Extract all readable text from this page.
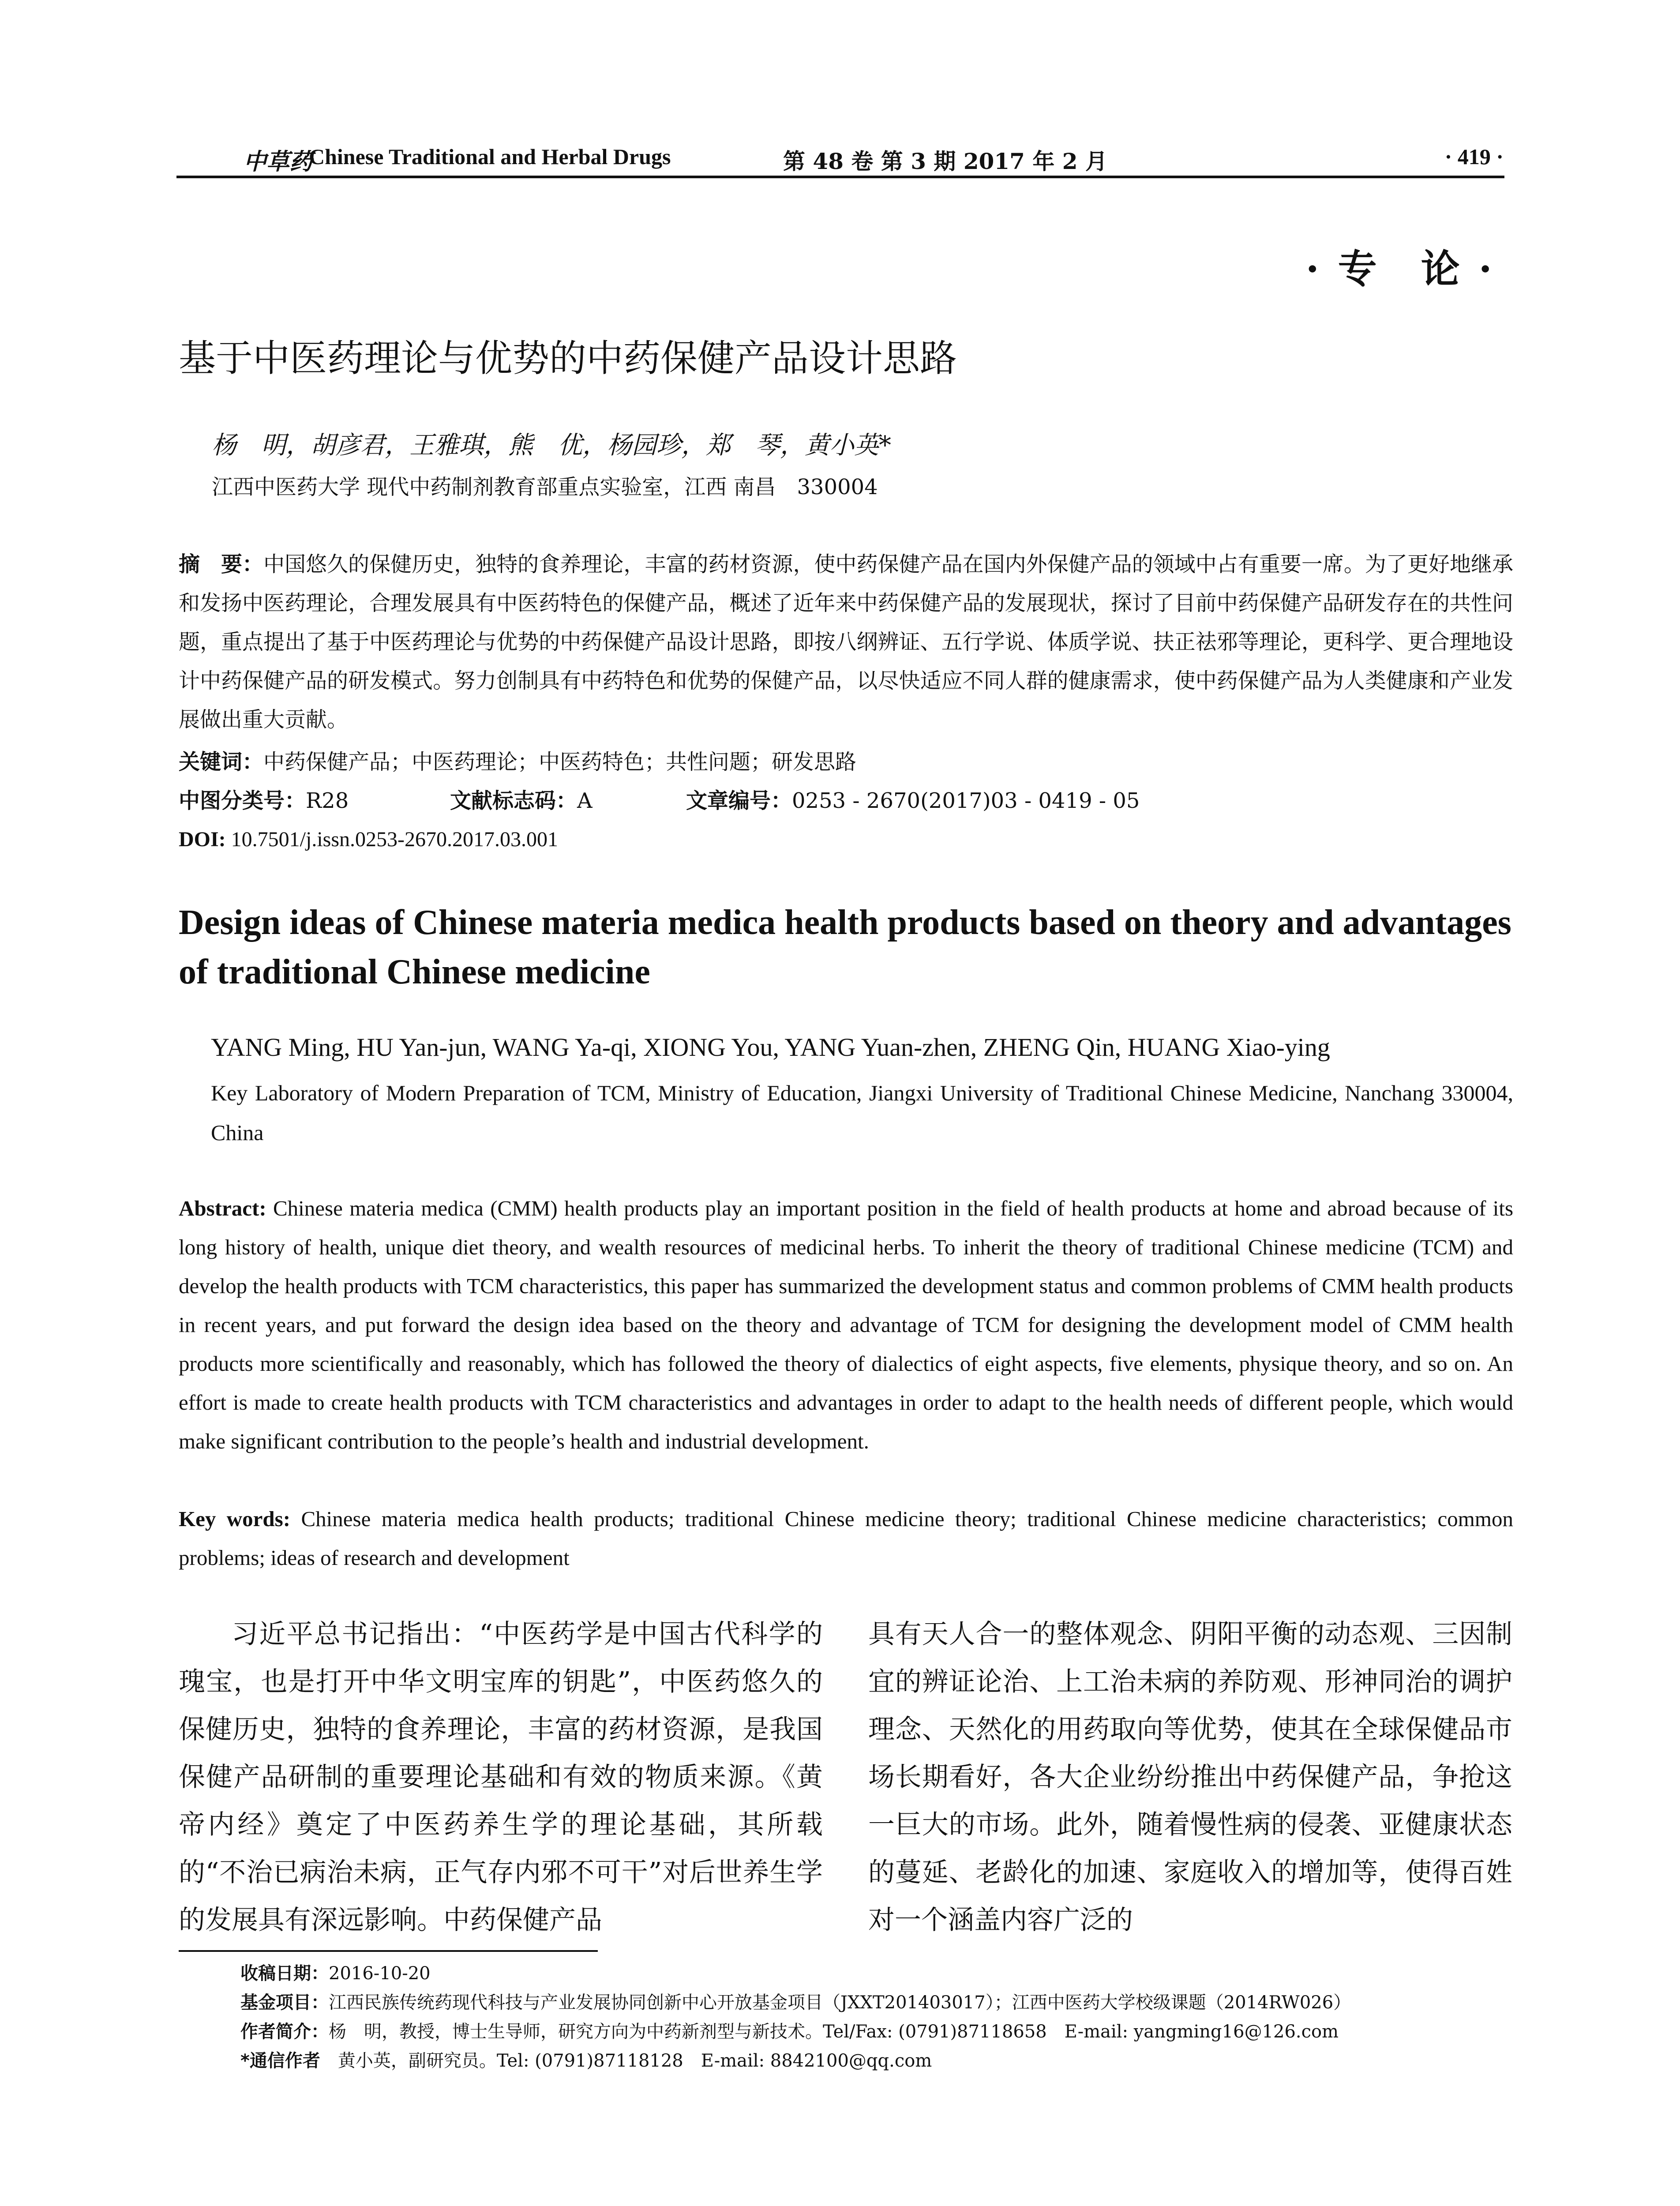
中草药
Chinese Traditional and Herbal Drugs	第 48 卷 第 3 期 2017 年 2 月	· 419 ·
· 专　论 ·
基于中医药理论与优势的中药保健产品设计思路
杨　明，胡彦君，王雅琪，熊　优，杨园珍，郑　琴，黄小英*
江西中医药大学 现代中药制剂教育部重点实验室，江西 南昌　330004
摘　要：中国悠久的保健历史，独特的食养理论，丰富的药材资源，使中药保健产品在国内外保健产品的领域中占有重要一席。为了更好地继承和发扬中医药理论，合理发展具有中医药特色的保健产品，概述了近年来中药保健产品的发展现状，探讨了目前中药保健产品研发存在的共性问题，重点提出了基于中医药理论与优势的中药保健产品设计思路，即按八纲辨证、五行学说、体质学说、扶正祛邪等理论，更科学、更合理地设计中药保健产品的研发模式。努力创制具有中药特色和优势的保健产品，以尽快适应不同人群的健康需求，使中药保健产品为人类健康和产业发展做出重大贡献。
关键词：中药保健产品；中医药理论；中医药特色；共性问题；研发思路
中图分类号：R28	文献标志码：A	文章编号：0253 - 2670(2017)03 - 0419 - 05
DOI: 10.7501/j.issn.0253-2670.2017.03.001
Design ideas of Chinese materia medica health products based on theory and advantages of traditional Chinese medicine
YANG Ming, HU Yan-jun, WANG Ya-qi, XIONG You, YANG Yuan-zhen, ZHENG Qin, HUANG Xiao-ying
Key Laboratory of Modern Preparation of TCM, Ministry of Education, Jiangxi University of Traditional Chinese Medicine, Nanchang 330004, China
Abstract: Chinese materia medica (CMM) health products play an important position in the field of health products at home and abroad because of its long history of health, unique diet theory, and wealth resources of medicinal herbs. To inherit the theory of traditional Chinese medicine (TCM) and develop the health products with TCM characteristics, this paper has summarized the development status and common problems of CMM health products in recent years, and put forward the design idea based on the theory and advantage of TCM for designing the development model of CMM health products more scientifically and reasonably, which has followed the theory of dialectics of eight aspects, five elements, physique theory, and so on. An effort is made to create health products with TCM characteristics and advantages in order to adapt to the health needs of different people, which would make significant contribution to the people’s health and industrial development.
Key words: Chinese materia medica health products; traditional Chinese medicine theory; traditional Chinese medicine characteristics; common problems; ideas of research and development
习近平总书记指出：“中医药学是中国古代科学的瑰宝，也是打开中华文明宝库的钥匙”，中医药悠久的保健历史，独特的食养理论，丰富的药材资源，是我国保健产品研制的重要理论基础和有效的物质来源。《黄帝内经》奠定了中医药养生学的理论基础，其所载的“不治已病治未病，正气存内邪不可干”对后世养生学的发展具有深远影响。中药保健产品
具有天人合一的整体观念、阴阳平衡的动态观、三因制宜的辨证论治、上工治未病的养防观、形神同治的调护理念、天然化的用药取向等优势，使其在全球保健品市场长期看好，各大企业纷纷推出中药保健产品，争抢这一巨大的市场。此外，随着慢性病的侵袭、亚健康状态的蔓延、老龄化的加速、家庭收入的增加等，使得百姓对一个涵盖内容广泛的
收稿日期：2016-10-20
基金项目：江西民族传统药现代科技与产业发展协同创新中心开放基金项目（JXXT201403017）；江西中医药大学校级课题（2014RW026）
作者简介：杨　明，教授，博士生导师，研究方向为中药新剂型与新技术。Tel/Fax: (0791)87118658　E-mail: yangming16@126.com
*通信作者　 黄小英，副研究员。Tel: (0791)87118128　E-mail: 8842100@qq.com
